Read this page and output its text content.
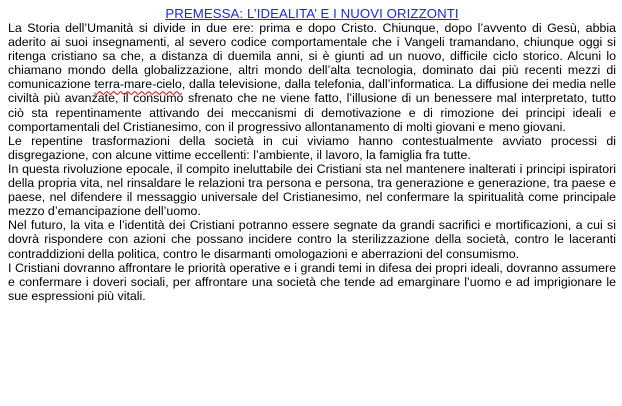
PREMESSA: L’IDEALITA’ E I NUOVI ORIZZONTI

La Storia dell’Umanità si divide in due ere: prima e dopo Cristo. Chiunque, dopo l’avvento di Gesù, abbia aderito ai suoi insegnamenti, al severo codice comportamentale che i Vangeli tramandano, chiunque oggi si ritenga cristiano sa che, a distanza di duemila anni, si è giunti ad un nuovo, difficile ciclo storico. Alcuni lo chiamano mondo della globalizzazione, altri mondo dell’alta tecnologia, dominato dai più recenti mezzi di comunicazione terra-mare-cielo, dalla televisione, dalla telefonia, dall’informatica. La diffusione dei media nelle civiltà più avanzate, il consumo sfrenato che ne viene fatto, l’illusione di un benessere mal interpretato, tutto ciò sta repentinamente attivando dei meccanismi di demotivazione e di rimozione dei principi ideali e comportamentali del Cristianesimo, con il progressivo allontanamento di molti giovani e meno giovani.

Le repentine trasformazioni della società in cui viviamo hanno contestualmente avviato processi di disgregazione, con alcune vittime eccellenti: l’ambiente, il lavoro, la famiglia fra tutte.

In questa rivoluzione epocale, il compito ineluttabile dei Cristiani sta nel mantenere inalterati i principi ispiratori della propria vita, nel rinsaldare le relazioni tra persona e persona, tra generazione e generazione, tra paese e paese, nel difendere il messaggio universale del Cristianesimo, nel confermare la spiritualità come principale mezzo d’emancipazione dell’uomo.

Nel futuro, la vita e l’identità dei Cristiani potranno essere segnate da grandi sacrifici e mortificazioni, a cui si dovrà rispondere con azioni che possano incidere contro la sterilizzazione della società, contro le laceranti contraddizioni della politica, contro le disarmanti omologazioni e aberrazioni del consumismo.

I Cristiani dovranno affrontare le priorità operative e i grandi temi in difesa dei propri ideali, dovranno assumere e confermare i doveri sociali, per affrontare una società che tende ad emarginare l’uomo e ad imprigionare le sue espressioni più vitali.
